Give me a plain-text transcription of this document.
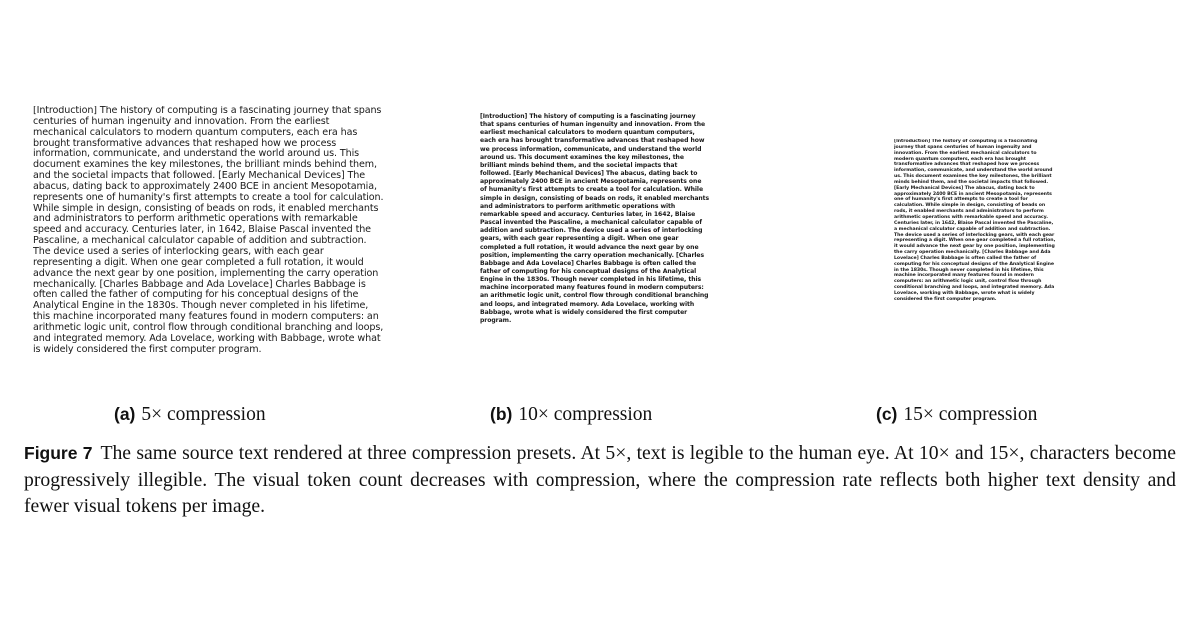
[Introduction] The history of computing is a fascinating journey that spans centuries of human ingenuity and innovation. From the earliest mechanical calculators to modern quantum computers, each era has brought transformative advances that reshaped how we process information, communicate, and understand the world around us. This document examines the key milestones, the brilliant minds behind them, and the societal impacts that followed. [Early Mechanical Devices] The abacus, dating back to approximately 2400 BCE in ancient Mesopotamia, represents one of humanity's first attempts to create a tool for calculation. While simple in design, consisting of beads on rods, it enabled merchants and administrators to perform arithmetic operations with remarkable speed and accuracy. Centuries later, in 1642, Blaise Pascal invented the Pascaline, a mechanical calculator capable of addition and subtraction. The device used a series of interlocking gears, with each gear representing a digit. When one gear completed a full rotation, it would advance the next gear by one position, implementing the carry operation mechanically. [Charles Babbage and Ada Lovelace] Charles Babbage is often called the father of computing for his conceptual designs of the Analytical Engine in the 1830s. Though never completed in his lifetime, this machine incorporated many features found in modern computers: an arithmetic logic unit, control flow through conditional branching and loops, and integrated memory. Ada Lovelace, working with Babbage, wrote what is widely considered the first computer program.
[Introduction] The history of computing is a fascinating journey that spans centuries of human ingenuity and innovation. From the earliest mechanical calculators to modern quantum computers, each era has brought transformative advances that reshaped how we process information, communicate, and understand the world around us. This document examines the key milestones, the brilliant minds behind them, and the societal impacts that followed. [Early Mechanical Devices] The abacus, dating back to approximately 2400 BCE in ancient Mesopotamia, represents one of humanity's first attempts to create a tool for calculation. While simple in design, consisting of beads on rods, it enabled merchants and administrators to perform arithmetic operations with remarkable speed and accuracy. Centuries later, in 1642, Blaise Pascal invented the Pascaline, a mechanical calculator capable of addition and subtraction. The device used a series of interlocking gears, with each gear representing a digit. When one gear completed a full rotation, it would advance the next gear by one position, implementing the carry operation mechanically. [Charles Babbage and Ada Lovelace] Charles Babbage is often called the father of computing for his conceptual designs of the Analytical Engine in the 1830s. Though never completed in his lifetime, this machine incorporated many features found in modern computers: an arithmetic logic unit, control flow through conditional branching and loops, and integrated memory. Ada Lovelace, working with Babbage, wrote what is widely considered the first computer program.
[Introduction] The history of computing is a fascinating journey that spans centuries of human ingenuity and innovation. From the earliest mechanical calculators to modern quantum computers, each era has brought transformative advances that reshaped how we process information, communicate, and understand the world around us. This document examines the key milestones, the brilliant minds behind them, and the societal impacts that followed. [Early Mechanical Devices] The abacus, dating back to approximately 2400 BCE in ancient Mesopotamia, represents one of humanity's first attempts to create a tool for calculation. While simple in design, consisting of beads on rods, it enabled merchants and administrators to perform arithmetic operations with remarkable speed and accuracy. Centuries later, in 1642, Blaise Pascal invented the Pascaline, a mechanical calculator capable of addition and subtraction. The device used a series of interlocking gears, with each gear representing a digit. When one gear completed a full rotation, it would advance the next gear by one position, implementing the carry operation mechanically. [Charles Babbage and Ada Lovelace] Charles Babbage is often called the father of computing for his conceptual designs of the Analytical Engine in the 1830s. Though never completed in his lifetime, this machine incorporated many features found in modern computers: an arithmetic logic unit, control flow through conditional branching and loops, and integrated memory. Ada Lovelace, working with Babbage, wrote what is widely considered the first computer program.
(a) 5× compression	(b) 10× compression	(c) 15× compression
Figure 7 The same source text rendered at three compression presets. At 5×, text is legible to the human eye. At 10× and 15×, characters become progressively illegible. The visual token count decreases with compression, where the compression rate reflects both higher text density and fewer visual tokens per image.
